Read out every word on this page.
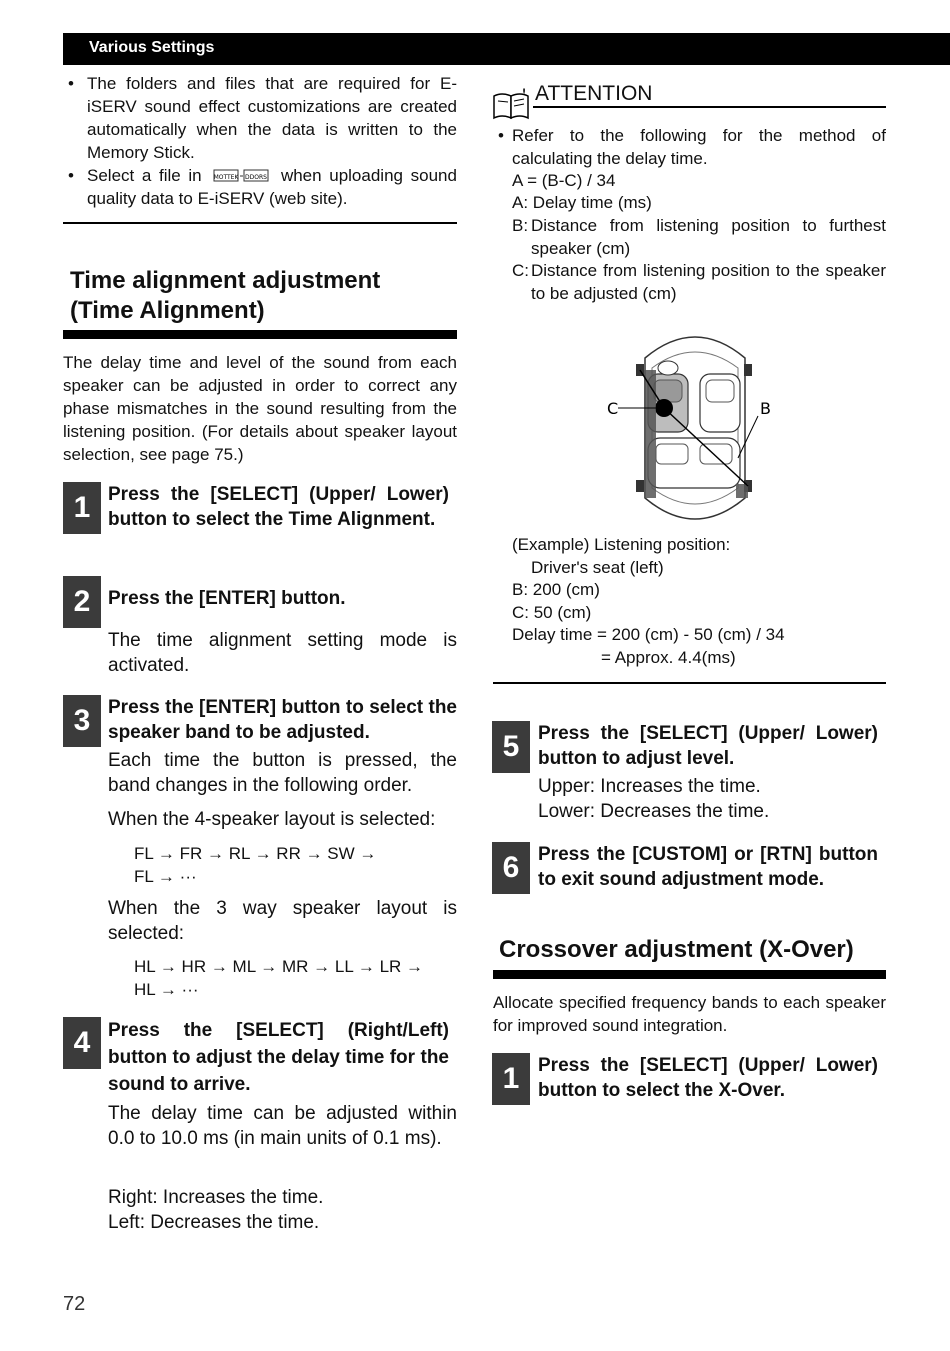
Various Settings
• The folders and files that are required for E-iSERV sound effect customizations are created automatically when the data is written to the Memory Stick.
• Select a file in MOTTEK DDORS when uploading sound quality data to E-iSERV (web site).
Time alignment adjustment
(Time Alignment)
The delay time and level of the sound from each speaker can be adjusted in order to correct any phase mismatches in the sound resulting from the listening position. (For details about speaker layout selection, see page 75.)
1 Press the [SELECT] (Upper/ Lower) button to select the Time Alignment.
2 Press the [ENTER] button.
The time alignment setting mode is activated.
3 Press the [ENTER] button to select the speaker band to be adjusted.
Each time the button is pressed, the band changes in the following order.
When the 4-speaker layout is selected:
FL → FR → RL → RR → SW →
FL → ···
When the 3 way speaker layout is selected:
HL → HR → ML → MR → LL → LR →
HL → ···
4 Press the [SELECT] (Right/Left) button to adjust the delay time for the sound to arrive.
The delay time can be adjusted within 0.0 to 10.0 ms (in main units of 0.1 ms).
Right: Increases the time.
Left: Decreases the time.
! ATTENTION
• Refer to the following for the method of calculating the delay time.
A = (B-C) / 34
A: Delay time (ms)
B: Distance from listening position to furthest speaker (cm)
C: Distance from listening position to the speaker to be adjusted (cm)
C	B
(Example) Listening position:
Driver's seat (left)
B: 200 (cm)
C: 50 (cm)
Delay time = 200 (cm) - 50 (cm) / 34
= Approx. 4.4(ms)
5 Press the [SELECT] (Upper/ Lower) button to adjust level.
Upper: Increases the time.
Lower: Decreases the time.
6 Press the [CUSTOM] or [RTN] button to exit sound adjustment mode.
Crossover adjustment (X-Over)
Allocate specified frequency bands to each speaker for improved sound integration.
1 Press the [SELECT] (Upper/ Lower) button to select the X-Over.
72
